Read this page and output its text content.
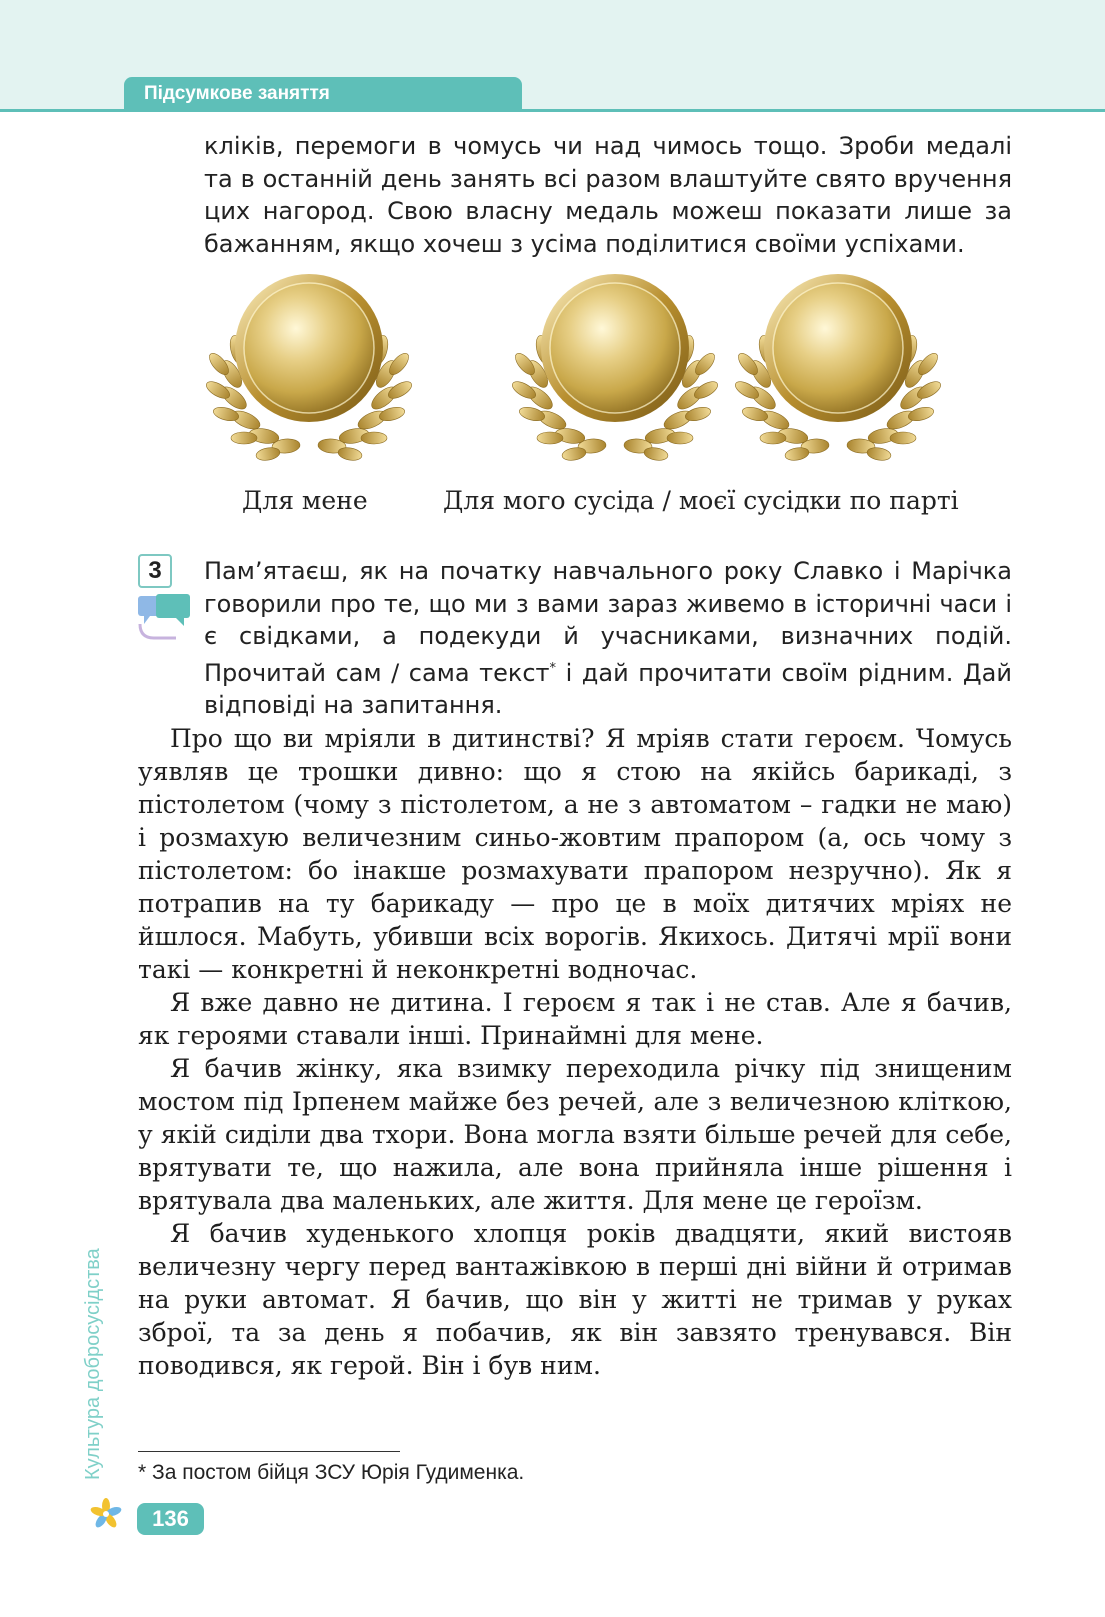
Підсумкове заняття
кліків, перемоги в чомусь чи над чимось тощо. Зроби медалі та в останній день занять всі разом влаштуйте свято вручення цих нагород. Свою власну медаль можеш показати лише за бажанням, якщо хочеш з усіма поділитися своїми успіхами.
Для мене	Для мого сусіда / моєї сусідки по парті
3	Пам’ятаєш, як на початку навчального року Славко і Марічка говорили про те, що ми з вами зараз живемо в історичні часи і є свідками, а подекуди й учасниками, визначних подій. Прочитай сам / сама текст* і дай прочитати своїм рідним. Дай відповіді на запитання.

Про що ви мріяли в дитинстві? Я мріяв стати героєм. Чомусь уявляв це трошки дивно: що я стою на якійсь барикаді, з пістолетом (чому з пістолетом, а не з автоматом – гадки не маю) і розмахую величезним синьо-жовтим прапором (а, ось чому з пістолетом: бо інакше розмахувати прапором незручно). Як я потрапив на ту барикаду — про це в моїх дитячих мріях не йшлося. Мабуть, убивши всіх ворогів. Якихось. Дитячі мрії вони такі — конкретні й неконкретні водночас.

Я вже давно не дитина. І героєм я так і не став. Але я бачив, як героями ставали інші. Принаймні для мене.

Я бачив жінку, яка взимку переходила річку під знищеним мостом під Ірпенем майже без речей, але з величезною кліткою, у якій сиділи два тхори. Вона могла взяти більше речей для себе, врятувати те, що нажила, але вона прийняла інше рішення і врятувала два маленьких, але життя. Для мене це героїзм.

Я бачив худенького хлопця років двадцяти, який вистояв величезну чергу перед вантажівкою в перші дні війни й отримав на руки автомат. Я бачив, що він у житті не тримав у руках зброї, та за день я побачив, як він завзято тренувався. Він поводився, як герой. Він і був ним.

* За постом бійця ЗСУ Юрія Гудименка.
Культура добросусідства
136
